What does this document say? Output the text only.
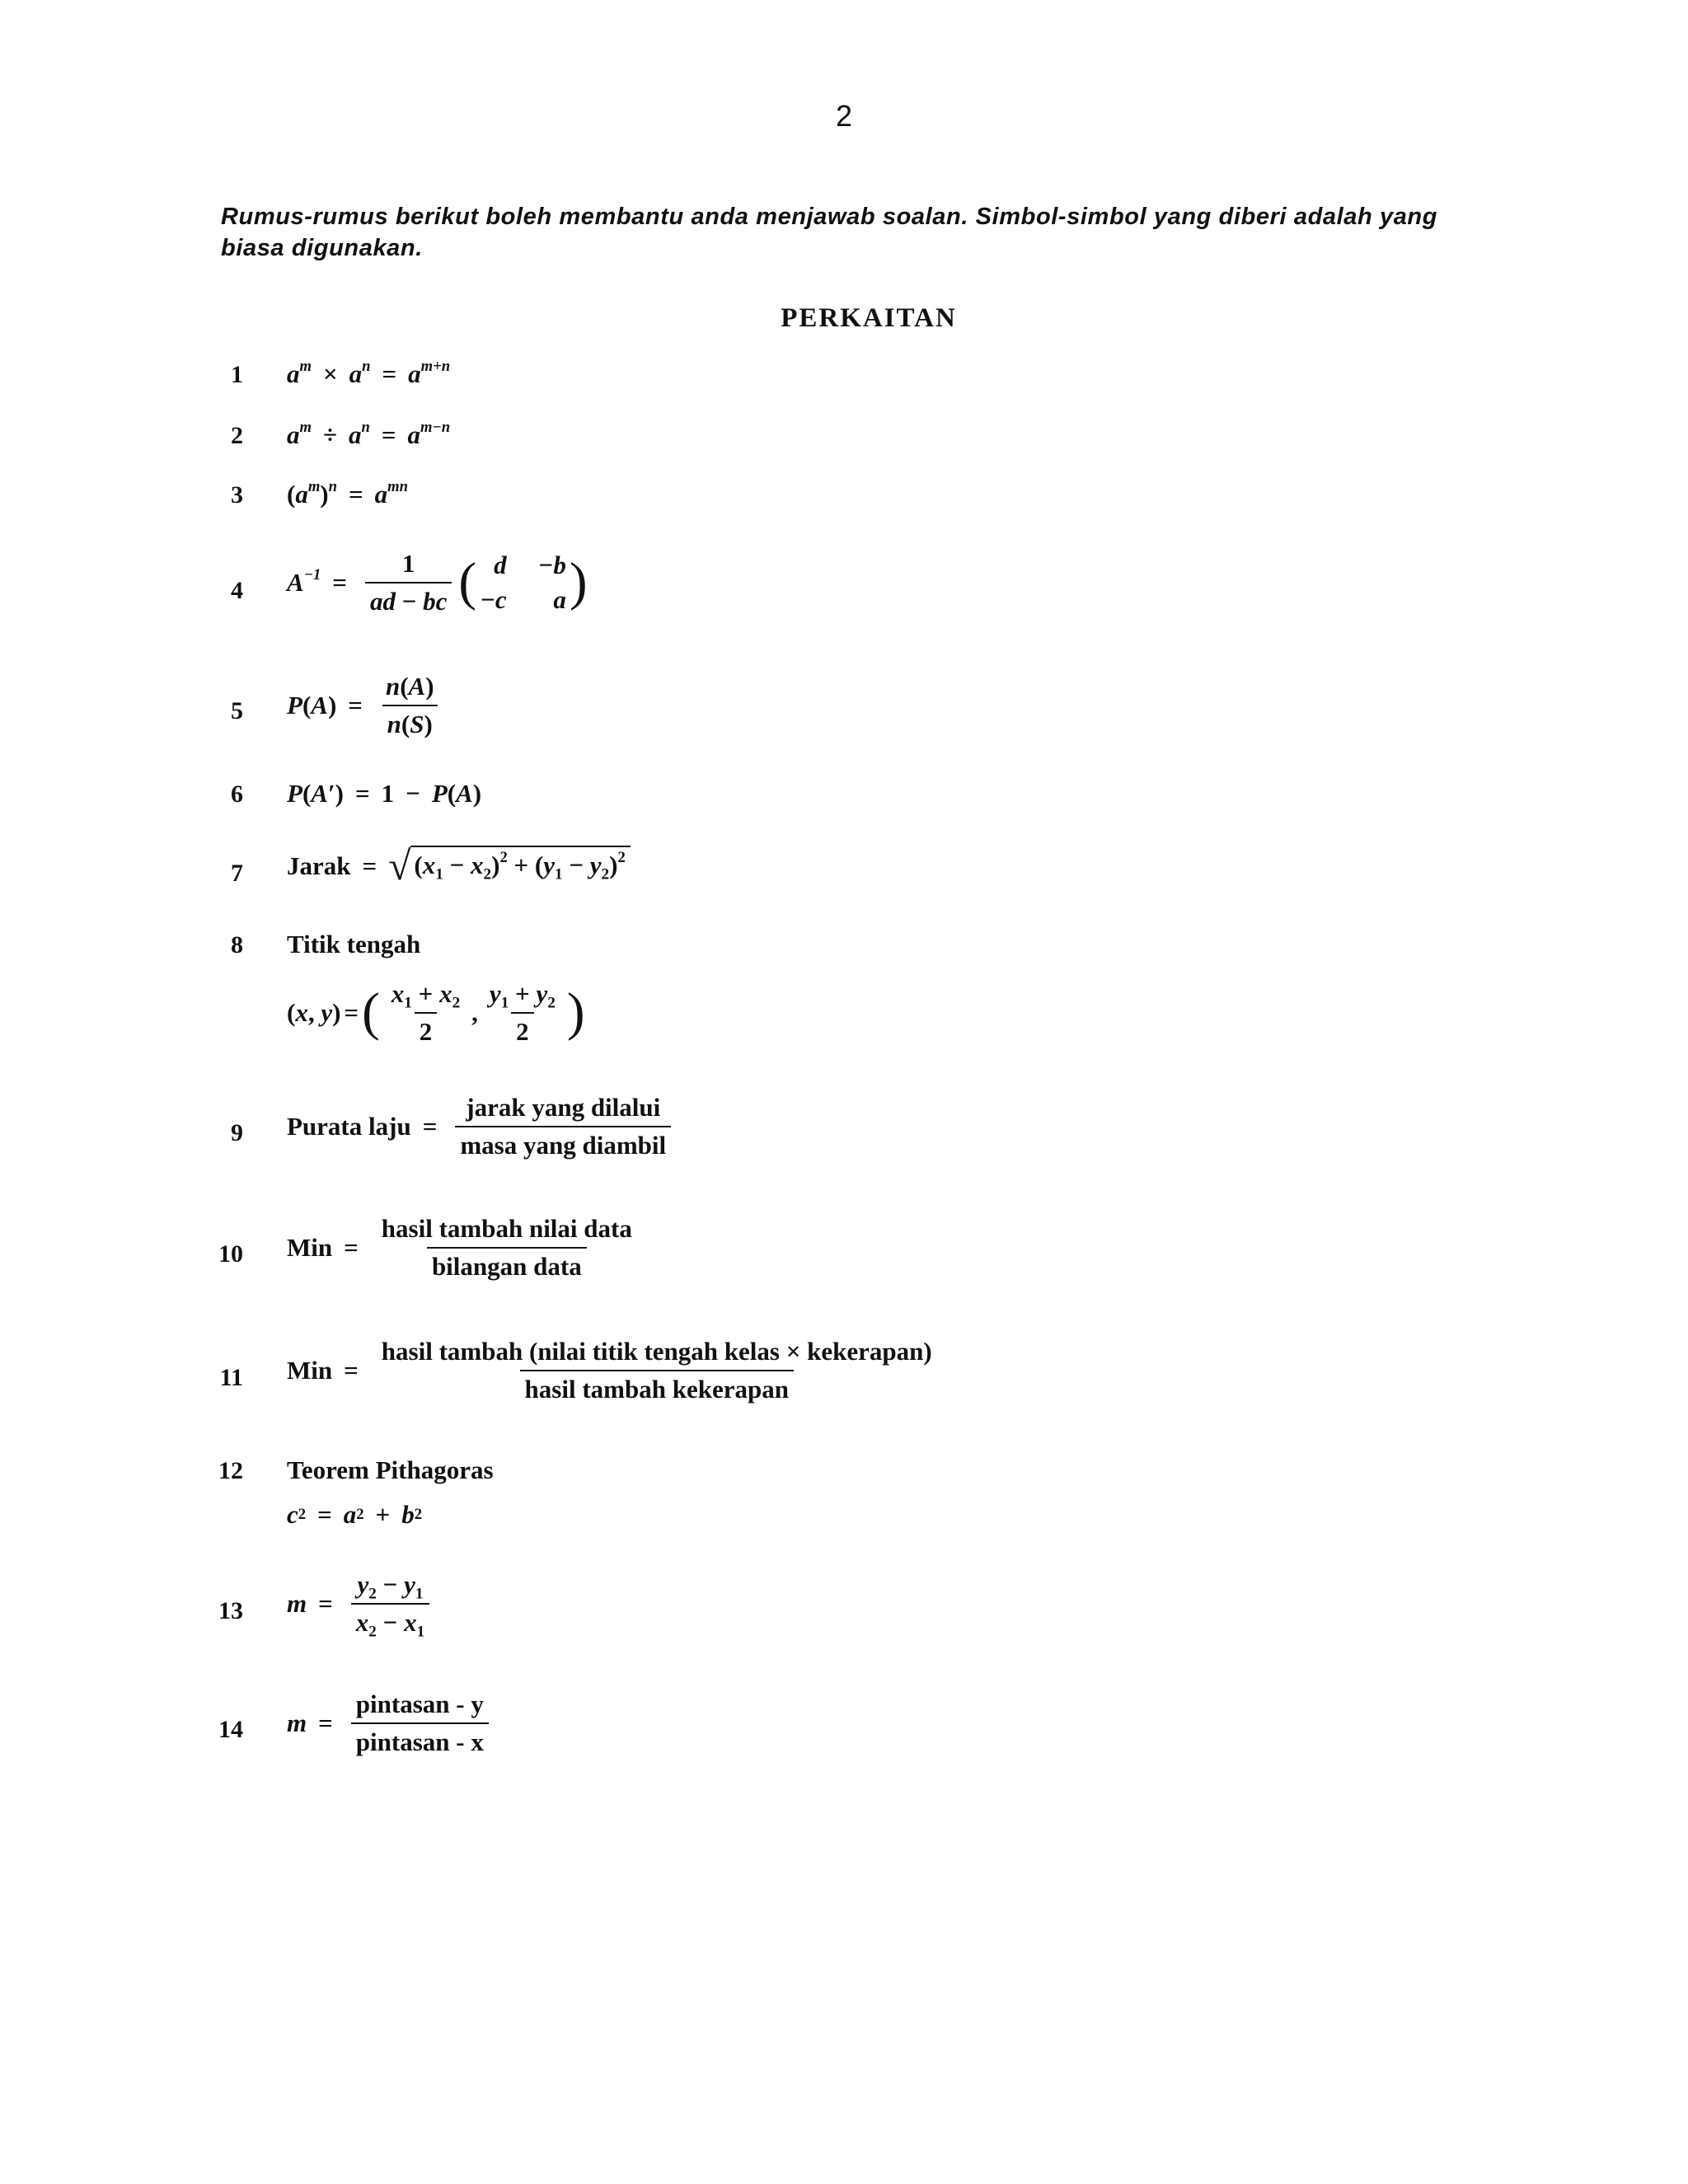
2
Rumus-rumus berikut boleh membantu anda menjawab soalan. Simbol-simbol yang diberi adalah yang biasa digunakan.
PERKAITAN
1 $a^m \times a^n = a^{m+n}$
2 $a^m \div a^n = a^{m-n}$
3 $(a^m)^n = a^{mn}$
4 $A^{-1} = \frac{1}{ad - bc}$ ( d −b
−c	a )
5 P ( A ) = $\frac{n(A)}{n(S)}$
6 P ( A ′) = 1 − P ( A )
7 Jarak = √ $(x_1 - x_2)^2 + (y_1 - y_2)^2$
8 Titik tengah
( x , y ) = ( $\frac{x_1 + x_2}{2}$ , $\frac{y_1 + y_2}{2}$ )
9 Purata laju = $\frac{\text{jarak yang dilalui}}{\text{masa yang diambil}}$
10 Min = $\frac{\text{hasil tambah nilai data}}{\text{bilangan data}}$
11 Min = $\frac{\text{hasil tambah (nilai titik tengah kelas × kekerapan)}}{\text{hasil tambah kekerapan}}$
12 Teorem Pithagoras
c 2 = a 2 + b 2
13 $m = \frac{y_2 - y_1}{x_2 - x_1}$
14 $m = \frac{\text{pintasan - y}}{\text{pintasan - x}}$
